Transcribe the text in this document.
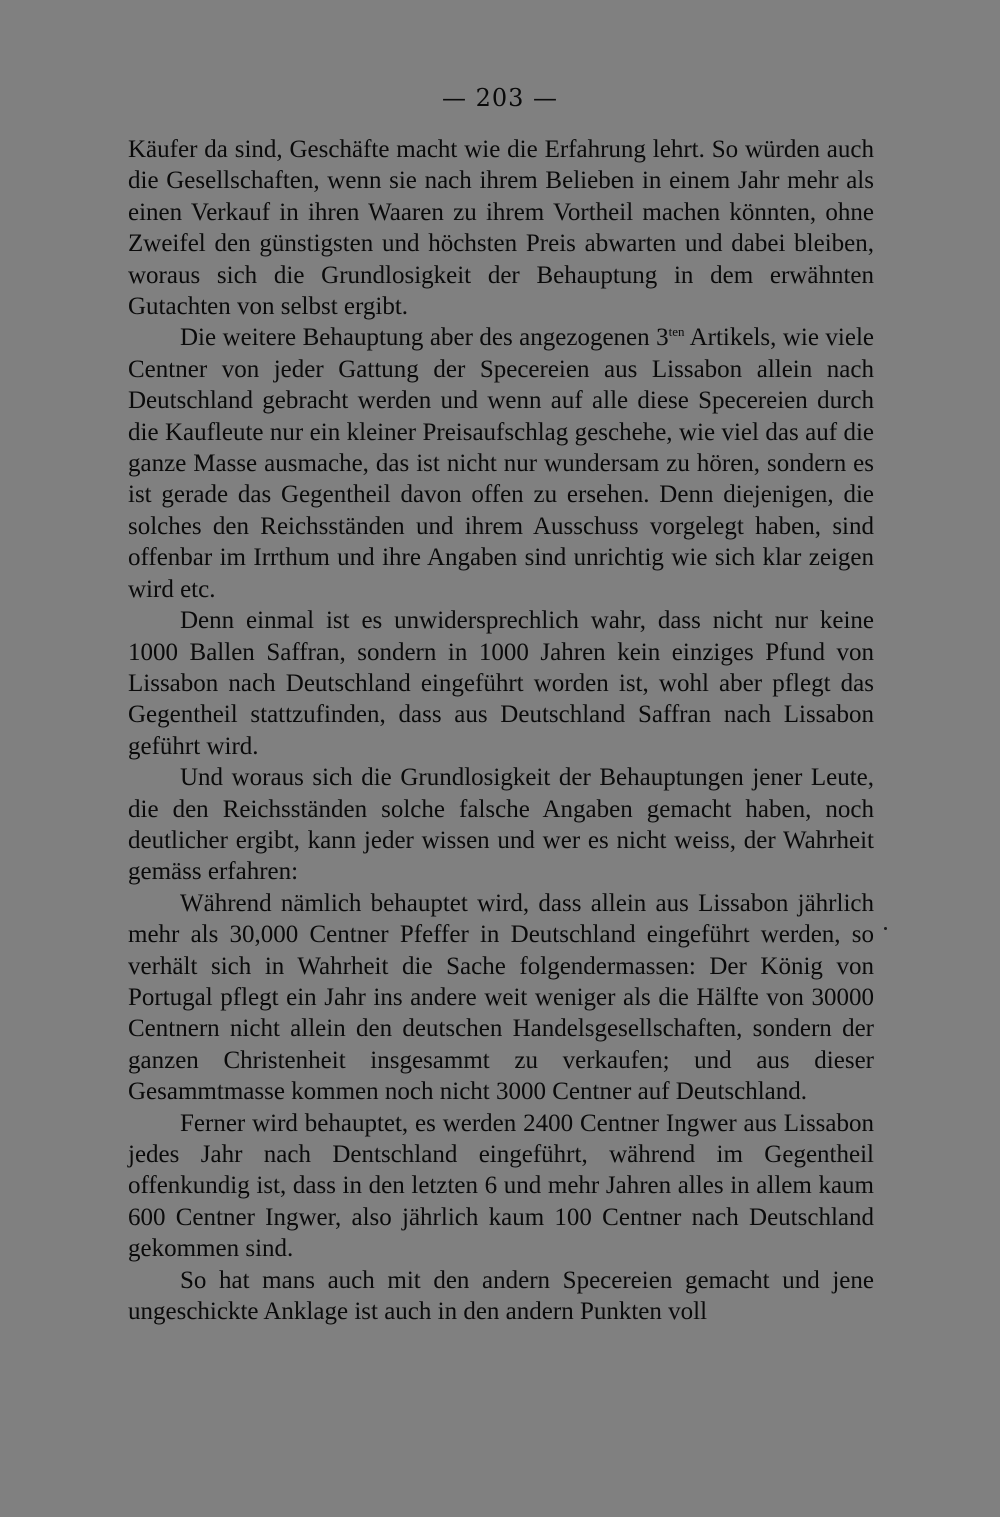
— 203 —

Käufer da sind, Geschäfte macht wie die Erfahrung lehrt. So würden auch die Gesellschaften, wenn sie nach ihrem Belieben in einem Jahr mehr als einen Verkauf in ihren Waaren zu ihrem Vortheil machen könnten, ohne Zweifel den günstigsten und höchsten Preis abwarten und dabei bleiben, woraus sich die Grundlosigkeit der Behauptung in dem erwähnten Gutachten von selbst ergibt.

Die weitere Behauptung aber des angezogenen $3^{ten}$ Artikels, wie viele Centner von jeder Gattung der Specereien aus Lissabon allein nach Deutschland gebracht werden und wenn auf alle diese Specereien durch die Kaufleute nur ein kleiner Preisaufschlag geschehe, wie viel das auf die ganze Masse ausmache, das ist nicht nur wundersam zu hören, sondern es ist gerade das Gegentheil davon offen zu ersehen. Denn diejenigen, die solches den Reichsständen und ihrem Ausschuss vorgelegt haben, sind offenbar im Irrthum und ihre Angaben sind unrichtig wie sich klar zeigen wird etc.

Denn einmal ist es unwidersprechlich wahr, dass nicht nur keine 1000 Ballen Saffran, sondern in 1000 Jahren kein einziges Pfund von Lissabon nach Deutschland eingeführt worden ist, wohl aber pflegt das Gegentheil stattzufinden, dass aus Deutschland Saffran nach Lissabon geführt wird.

Und woraus sich die Grundlosigkeit der Behauptungen jener Leute, die den Reichsständen solche falsche Angaben gemacht haben, noch deutlicher ergibt, kann jeder wissen und wer es nicht weiss, der Wahrheit gemäss erfahren:

Während nämlich behauptet wird, dass allein aus Lissabon jährlich mehr als 30,000 Centner Pfeffer in Deutschland eingeführt werden, so verhält sich in Wahrheit die Sache folgendermassen: Der König von Portugal pflegt ein Jahr ins andere weit weniger als die Hälfte von 30000 Centnern nicht allein den deutschen Handelsgesellschaften, sondern der ganzen Christenheit insgesammt zu verkaufen; und aus dieser Gesammtmasse kommen noch nicht 3000 Centner auf Deutschland.

Ferner wird behauptet, es werden 2400 Centner Ingwer aus Lissabon jedes Jahr nach Dentschland eingeführt, während im Gegentheil offenkundig ist, dass in den letzten 6 und mehr Jahren alles in allem kaum 600 Centner Ingwer, also jährlich kaum 100 Centner nach Deutschland gekommen sind.

So hat mans auch mit den andern Specereien gemacht und jene ungeschickte Anklage ist auch in den andern Punkten voll
